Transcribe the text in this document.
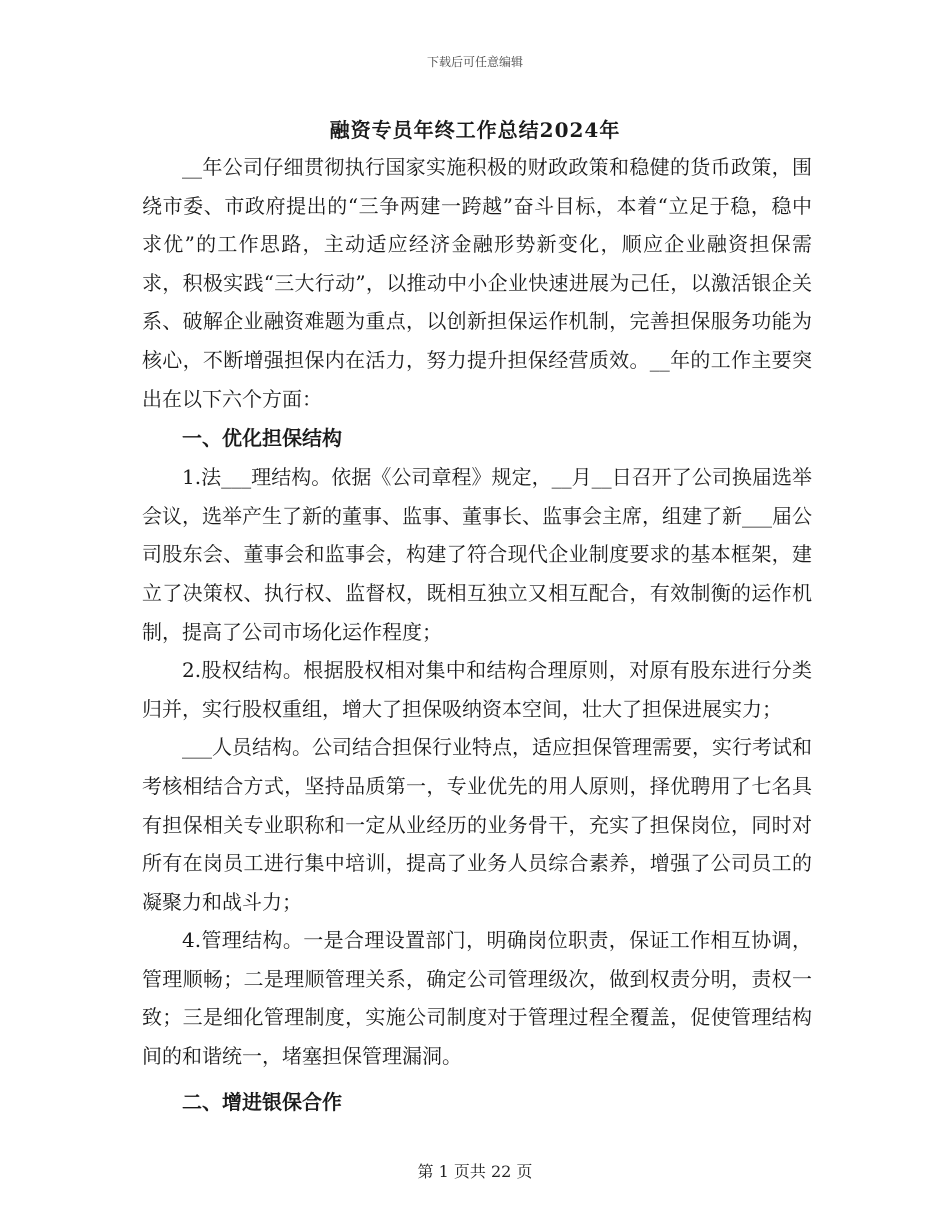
下载后可任意编辑
融资专员年终工作总结2024年

__年公司仔细贯彻执行国家实施积极的财政政策和稳健的货币政策，围绕市委、市政府提出的“三争两建一跨越”奋斗目标，本着“立足于稳，稳中求优”的工作思路，主动适应经济金融形势新变化，顺应企业融资担保需求，积极实践“三大行动”，以推动中小企业快速进展为己任，以激活银企关系、破解企业融资难题为重点，以创新担保运作机制，完善担保服务功能为核心，不断增强担保内在活力，努力提升担保经营质效。__年的工作主要突出在以下六个方面：

一、优化担保结构

1.法___理结构。依据《公司章程》规定，__月__日召开了公司换届选举会议，选举产生了新的董事、监事、董事长、监事会主席，组建了新___届公司股东会、董事会和监事会，构建了符合现代企业制度要求的基本框架，建立了决策权、执行权、监督权，既相互独立又相互配合，有效制衡的运作机制，提高了公司市场化运作程度；

2.股权结构。根据股权相对集中和结构合理原则，对原有股东进行分类归并，实行股权重组，增大了担保吸纳资本空间，壮大了担保进展实力；

___人员结构。公司结合担保行业特点，适应担保管理需要，实行考试和考核相结合方式，坚持品质第一，专业优先的用人原则，择优聘用了七名具有担保相关专业职称和一定从业经历的业务骨干，充实了担保岗位，同时对所有在岗员工进行集中培训，提高了业务人员综合素养，增强了公司员工的凝聚力和战斗力；

4.管理结构。一是合理设置部门，明确岗位职责，保证工作相互协调，管理顺畅；二是理顺管理关系，确定公司管理级次，做到权责分明，责权一致；三是细化管理制度，实施公司制度对于管理过程全覆盖，促使管理结构间的和谐统一，堵塞担保管理漏洞。

二、增进银保合作

第 1 页共 22 页
